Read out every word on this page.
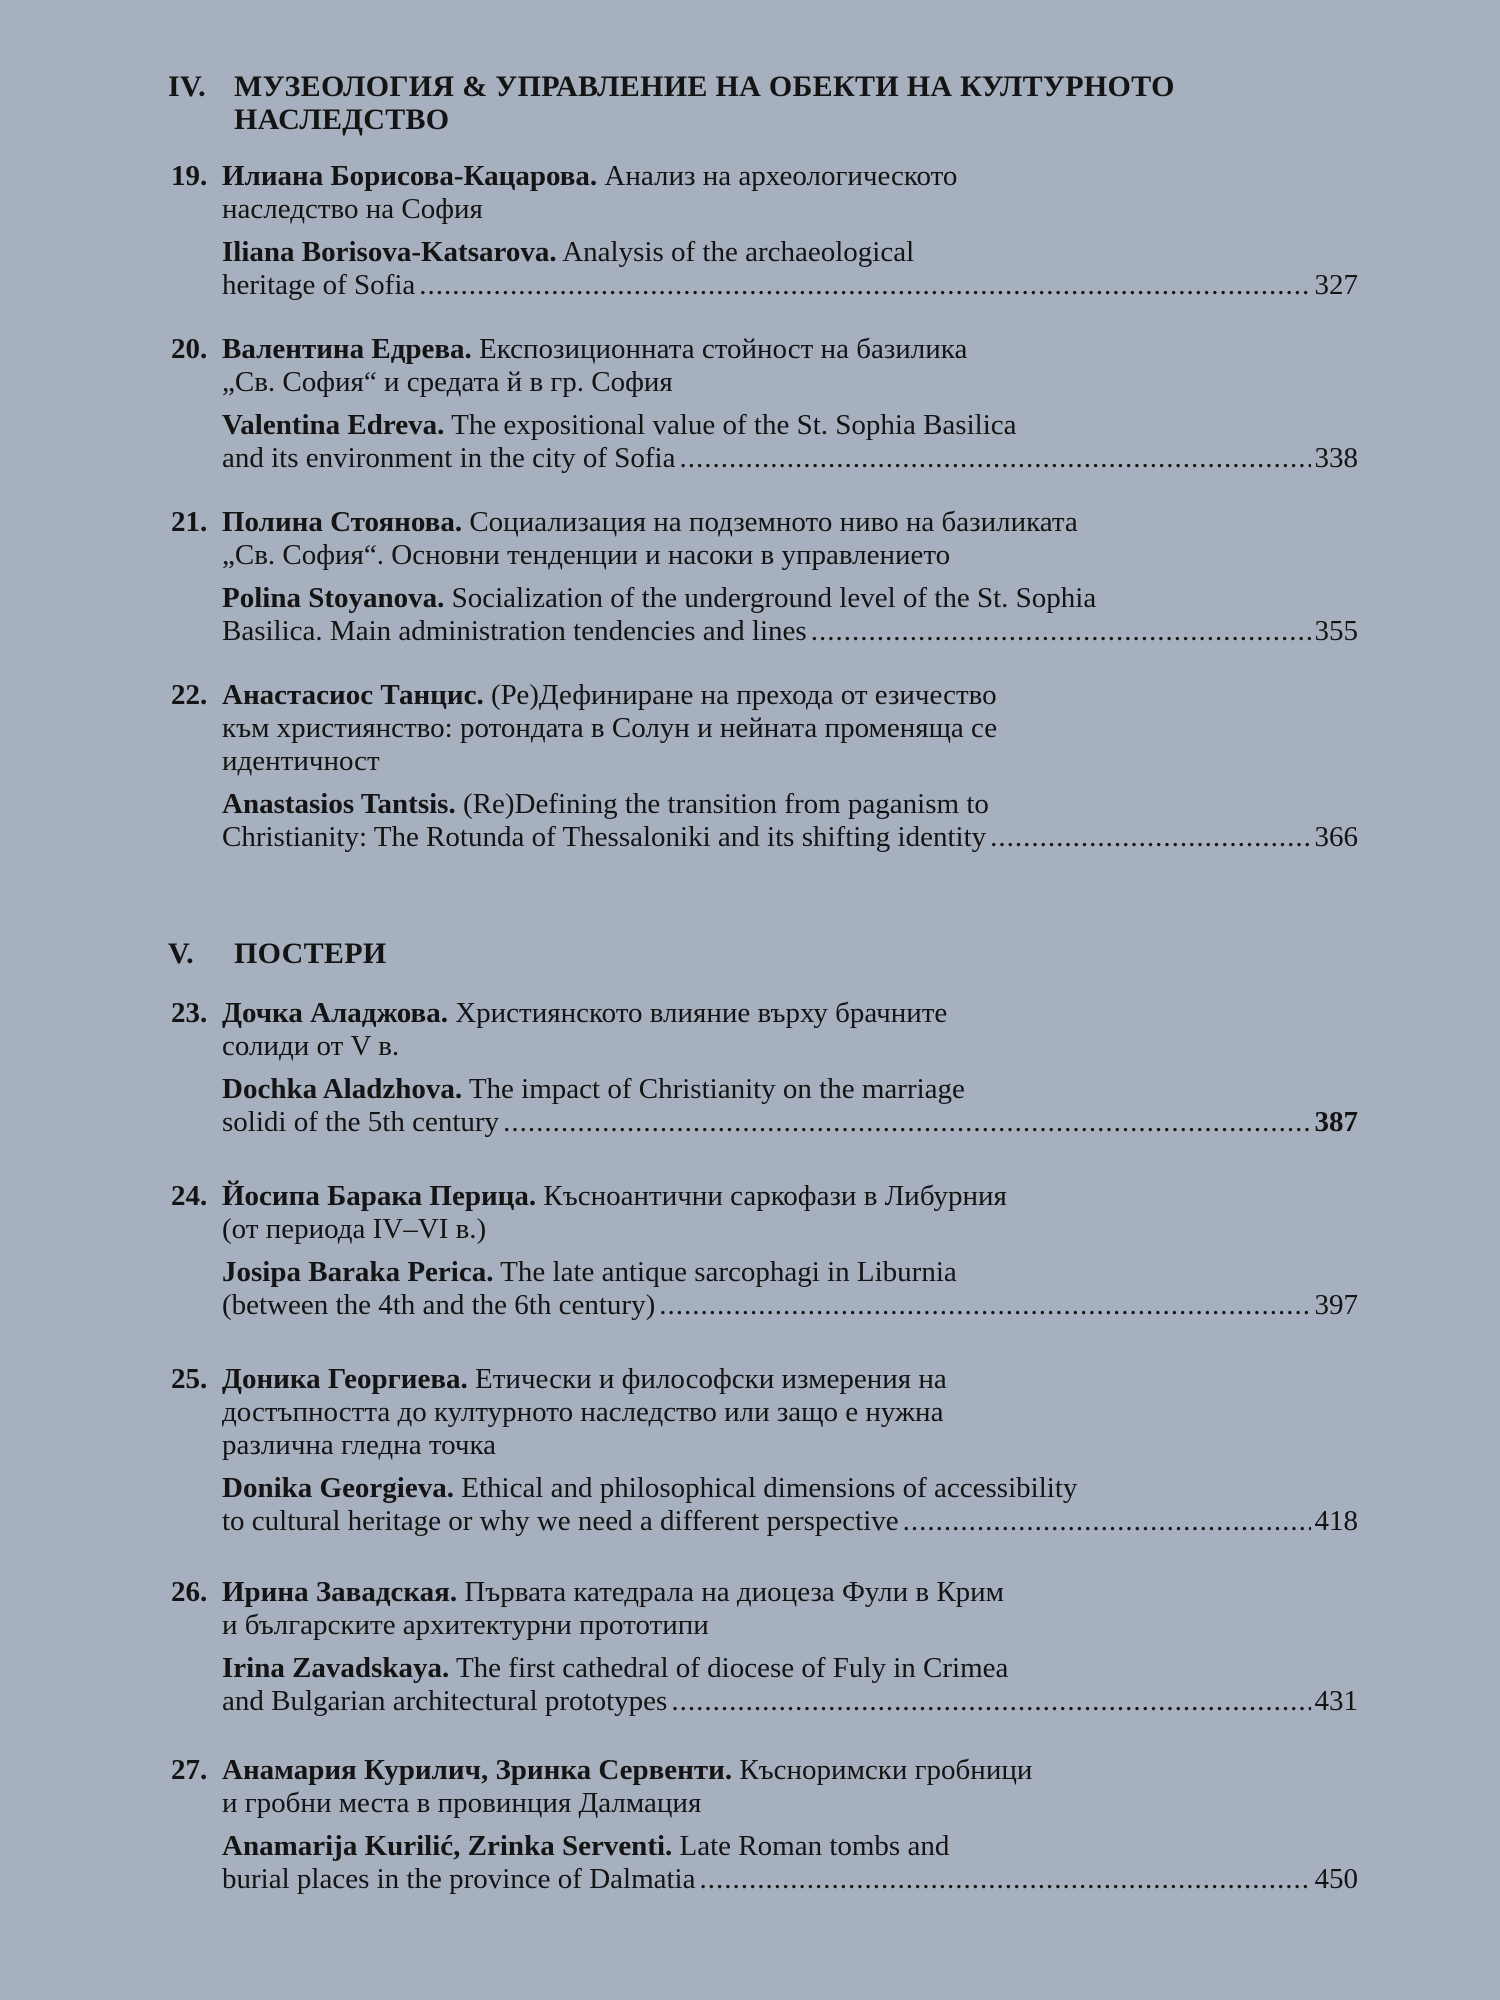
IV. МУЗЕОЛОГИЯ & УПРАВЛЕНИЕ НА ОБЕКТИ НА КУЛТУРНОТО НАСЛЕДСТВО
19. Илиана Борисова-Кацарова. Анализ на археологическото
наследство на София
Iliana Borisova-Katsarova. Analysis of the archaeological
heritage of Sofia .....	327
20. Валентина Едрева. Експозиционната стойност на базилика
„Св. София“ и средата й в гр. София
Valentina Edreva. The expositional value of the St. Sophia Basilica
and its environment in the city of Sofia .....	338
21. Полина Стоянова. Социализация на подземното ниво на базиликата
„Св. София“. Основни тенденции и насоки в управлението
Polina Stoyanova. Socialization of the underground level of the St. Sophia
Basilica. Main administration tendencies and lines .....	355
22. Анастасиос Танцис. (Ре)Дефиниране на прехода от езичество
към християнство: ротондата в Солун и нейната променяща се
идентичност
Anastasios Tantsis. (Re)Defining the transition from paganism to
Christianity: The Rotunda of Thessaloniki and its shifting identity .....	366
V.	ПОСТЕРИ
23. Дочка Аладжова. Християнското влияние върху брачните
солиди от V в.
Dochka Aladzhova. The impact of Christianity on the marriage
solidi of the 5th century .....	387
24. Йосипа Барака Перица. Късноантични саркофази в Либурния
(от периода IV–VI в.)
Josipa Baraka Perica. The late antique sarcophagi in Liburnia
(between the 4th and the 6th century) .....	397
25. Доника Георгиева. Етически и философски измерения на
достъпността до културното наследство или защо е нужна
различна гледна точка
Donika Georgieva. Ethical and philosophical dimensions of accessibility
to cultural heritage or why we need a different perspective .....	418
26. Ирина Завадская. Първата катедрала на диоцеза Фули в Крим
и българските архитектурни прототипи
Irina Zavadskaya. The first cathedral of diocese of Fuly in Crimea
and Bulgarian architectural prototypes .....	431
27. Анамария Курилич, Зринка Сервенти. Късноримски гробници
и гробни места в провинция Далмация
Anamarija Kurilić, Zrinka Serventi. Late Roman tombs and
burial places in the province of Dalmatia .....	450
